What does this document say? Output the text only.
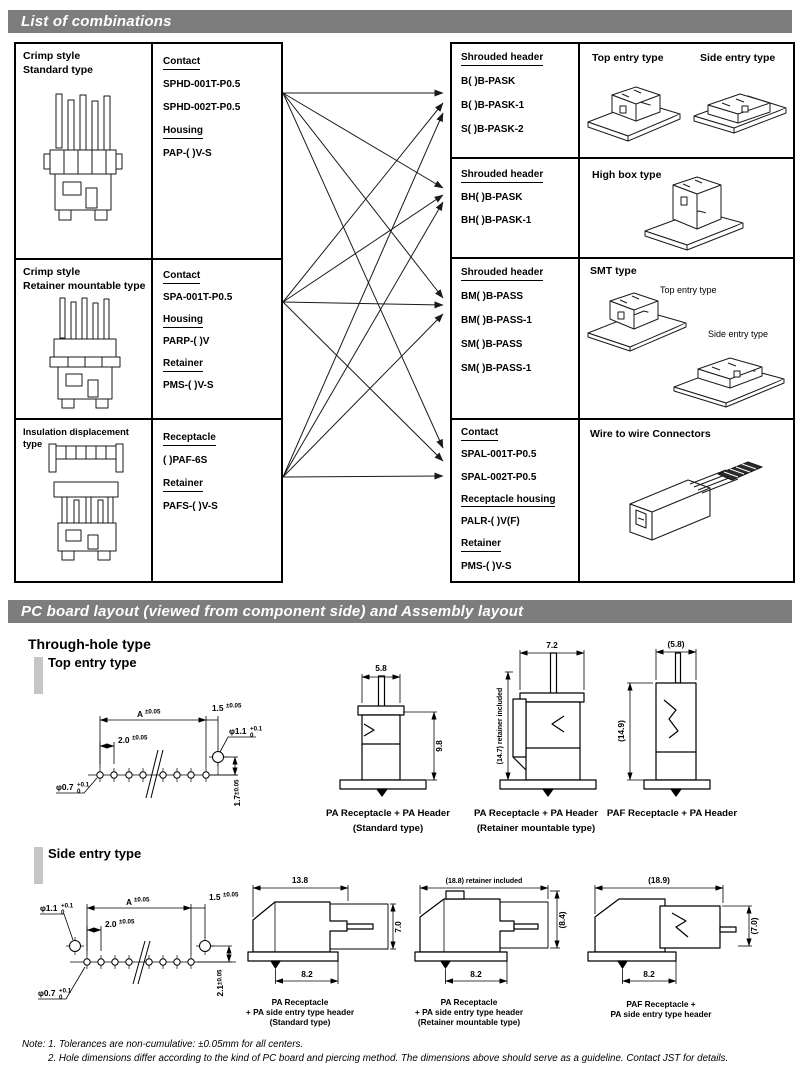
List of combinations
Crimp style
Standard type
Contact
SPHD-001T-P0.5
SPHD-002T-P0.5
Housing
PAP-( )V-S
Crimp style
Retainer mountable type
Contact
SPA-001T-P0.5
Housing
PARP-( )V
Retainer
PMS-( )V-S
Insulation displacement type
Receptacle
( )PAF-6S
Retainer
PAFS-( )V-S
Shrouded header
B( )B-PASK
B( )B-PASK-1
S( )B-PASK-2
Top entry type	Side entry type
Shrouded header
BH( )B-PASK
BH( )B-PASK-1
High box type
Shrouded header
BM( )B-PASS
BM( )B-PASS-1
SM( )B-PASS
SM( )B-PASS-1
SMT type
Top entry type
Side entry type
Contact
SPAL-001T-P0.5
SPAL-002T-P0.5
Receptacle housing
PALR-( )V(F)
Retainer
PMS-( )V-S
Wire to wire Connectors
PC board layout (viewed from component side) and Assembly layout
Through-hole type
Top entry type
Side entry type
A ±0.05	1.5 ±0.05
2.0 ±0.05
φ0.7 +0.1
0
φ1.1 +0.1
0
1.7±0.05
5.8
9.8
7.2
(14.7) retainer included
(5.8)
(14.9)
A ±0.05	1.5 ±0.05
2.0 ±0.05
φ1.1 +0.1
0
φ0.7 +0.1
0
2.1±0.05
13.8
7.0
8.2
(18.8) retainer included
(8.4)
8.2
(18.9)
(7.0)
8.2
PA Receptacle + PA Header
(Standard type)
PA Receptacle + PA Header
(Retainer mountable type)
PAF Receptacle + PA Header
PA Receptacle
+ PA side entry type header
(Standard type)
PA Receptacle
+ PA side entry type header
(Retainer mountable type)
PAF Receptacle +
PA side entry type header
Note: 1. Tolerances are non-cumulative: ±0.05mm for all centers.
2. Hole dimensions differ according to the kind of PC board and piercing method. The dimensions above should serve as a guideline. Contact JST for details.
